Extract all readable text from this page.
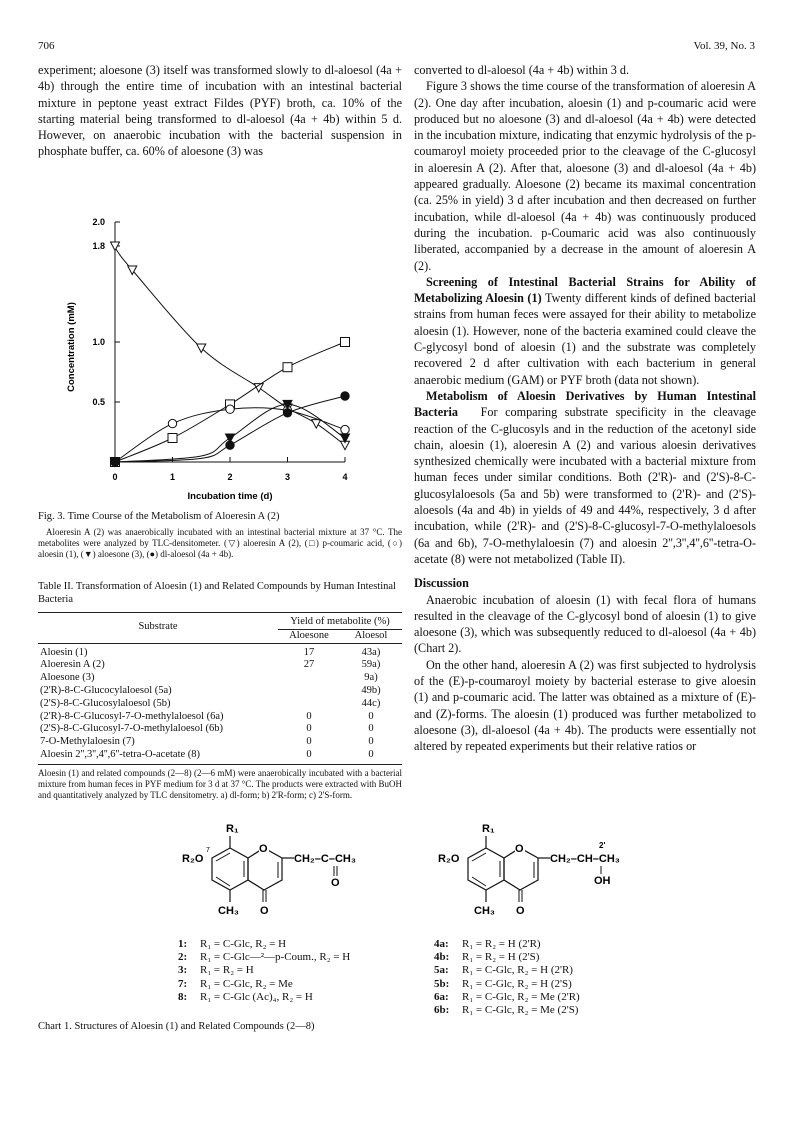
706	Vol. 39, No. 3

experiment; aloesone (3) itself was transformed slowly to dl-aloesol (4a + 4b) through the entire time of incubation with an intestinal bacterial mixture in peptone yeast extract Fildes (PYF) broth, ca. 10% of the starting material being transformed to dl-aloesol (4a + 4b) within 5 d. However, on anaerobic incubation with the bacterial suspension in phosphate buffer, ca. 60% of aloesone (3) was

0	1	2	3	4
0.5
1.0
1.8
2.0
Incubation time (d)
Concentration (mM)
Fig. 3. Time Course of the Metabolism of Aloeresin A (2)
Aloeresin A (2) was anaerobically incubated with an intestinal bacterial mixture at 37 °C. The metabolites were analyzed by TLC-densitometer. (▽) aloeresin A (2), (□) p-coumaric acid, (○) aloesin (1), (▼) aloesone (3), (●) dl-aloesol (4a + 4b).
Table II. Transformation of Aloesin (1) and Related Compounds by Human Intestinal Bacteria
Substrate	Yield of metabolite (%)	
	Aloesone	Aloesol
Aloesin (1)	17	43a)
Aloeresin A (2)	27	59a)
Aloesone (3)		9a)
(2'R)-8-C-Glucocylaloesol (5a)		49b)
(2'S)-8-C-Glucosylaloesol (5b)		44c)
(2'R)-8-C-Glucosyl-7-O-methylaloesol (6a)	0	0
(2'S)-8-C-Glucosyl-7-O-methylaloesol (6b)	0	0
7-O-Methylaloesin (7)	0	0
Aloesin 2'',3'',4'',6''-tetra-O-acetate (8)	0	0
Aloesin (1) and related compounds (2—8) (2—6 mM) were anaerobically incubated with a bacterial mixture from human feces in PYF medium for 3 d at 37 °C. The products were extracted with BuOH and quantitatively analyzed by TLC densitometry. a) dl-form; b) 2'R-form; c) 2'S-form.

converted to dl-aloesol (4a + 4b) within 3 d.

Figure 3 shows the time course of the transformation of aloeresin A (2). One day after incubation, aloesin (1) and p-coumaric acid were produced but no aloesone (3) and dl-aloesol (4a + 4b) were detected in the incubation mixture, indicating that enzymic hydrolysis of the p-coumaroyl moiety proceeded prior to the cleavage of the C-glucosyl in aloeresin A (2). After that, aloesone (3) and dl-aloesol (4a + 4b) appeared gradually. Aloesone (2) became its maximal concentration (ca. 25% in yield) 3 d after incubation and then decreased on further incubation, while dl-aloesol (4a + 4b) was continuously produced during the incubation. p-Coumaric acid was also continuously liberated, accompanied by a decrease in the amount of aloeresin A (2).

Screening of Intestinal Bacterial Strains for Ability of Metabolizing Aloesin (1) Twenty different kinds of defined bacterial strains from human feces were assayed for their ability to metabolize aloesin (1). However, none of the bacteria examined could cleave the C-glycosyl bond of aloesin (1) and the substrate was completely recovered 2 d after cultivation with each bacterium in general anaerobic medium (GAM) or PYF broth (data not shown).

Metabolism of Aloesin Derivatives by Human Intestinal Bacteria For comparing substrate specificity in the cleavage reaction of the C-glucosyls and in the reduction of the acetonyl side chain, aloesin (1), aloeresin A (2) and various aloesin derivatives synthesized chemically were incubated with a bacterial mixture from human feces under similar conditions. Both (2'R)- and (2'S)-8-C-glucosylaloesols (5a and 5b) were transformed to (2'R)- and (2'S)-aloesols (4a and 4b) in yields of 49 and 44%, respectively, 3 d after incubation, while (2'R)- and (2'S)-8-C-glucosyl-7-O-methylaloesols (6a and 6b), 7-O-methylaloesin (7) and aloesin 2'',3'',4'',6''-tetra-O-acetate (8) were not metabolized (Table II).

Discussion

Anaerobic incubation of aloesin (1) with fecal flora of humans resulted in the cleavage of the C-glycosyl bond of aloesin (1) to give aloesone (3), which was subsequently reduced to dl-aloesol (4a + 4b) (Chart 2).

On the other hand, aloeresin A (2) was first subjected to hydrolysis of the (E)-p-coumaroyl moiety by bacterial esterase to give aloesin (1) and p-coumaric acid. The latter was obtained as a mixture of (E)- and (Z)-forms. The aloesin (1) produced was further metabolized to aloesone (3), dl-aloesol (4a + 4b). The products were essentially not altered by repeated experiments but their relative ratios or

R₁
R₂O
7	O
CH₂–C–CH₃
O
CH₃ O
R₁
R₂O
O	2'
CH₂–CH–CH₃
OH
CH₃ O
1: R₁ = C-Glc, R₂ = H
2: R₁ = C-Glc—²—p-Coum., R₂ = H
3: R₁ = R₂ = H
7: R₁ = C-Glc, R₂ = Me
8: R₁ = C-Glc (Ac)₄, R₂ = H
4a: R₁ = R₂ = H (2'R)
4b: R₁ = R₂ = H (2'S)
5a: R₁ = C-Glc, R₂ = H (2'R)
5b: R₁ = C-Glc, R₂ = H (2'S)
6a: R₁ = C-Glc, R₂ = Me (2'R)
6b: R₁ = C-Glc, R₂ = Me (2'S)
Chart 1. Structures of Aloesin (1) and Related Compounds (2—8)
